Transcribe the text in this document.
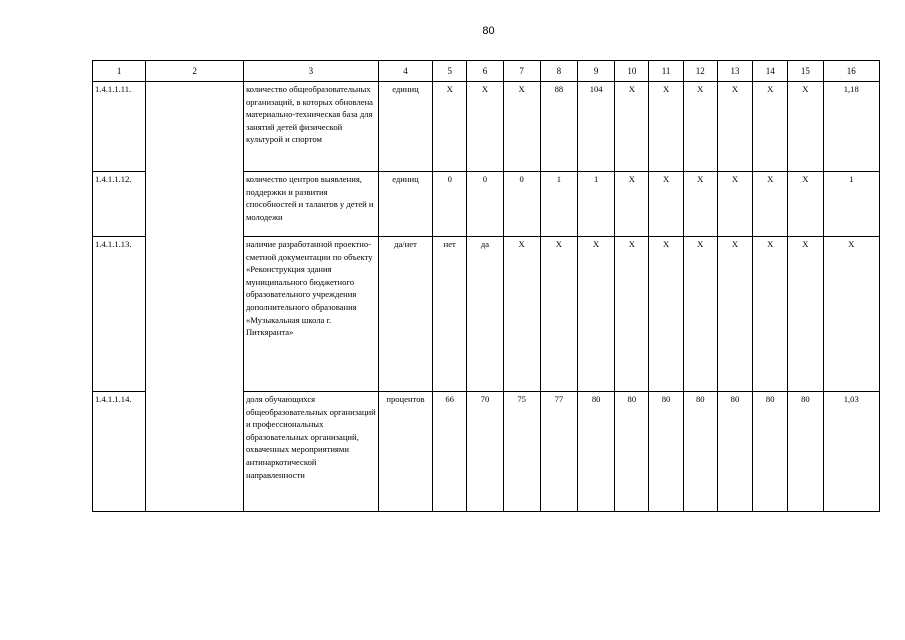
80
1	2	3	4	5	6	7	8	9	10	11	12	13	14	15	16
1.4.1.1.11.		количество общеобразовательных организаций, в которых обновлена материально-техническая база для занятий детей физической культурой и спортом	единиц	Х	Х	Х	88	104	Х	Х	Х	Х	Х	Х	1,18
1.4.1.1.12.		количество центров выявления, поддержки и развития способностей и талантов у детей и молодежи	единиц	0	0	0	1	1	Х	Х	Х	Х	Х	Х	1
1.4.1.1.13.		наличие разработанной проектно-сметной документации по объекту «Реконструкция здания муниципального бюджетного образовательного учреждения дополнительного образования «Музыкальная школа г. Питкяранта»	да/нет	нет	да	Х	Х	Х	Х	Х	Х	Х	Х	Х	Х
1.4.1.1.14.		доля обучающихся общеобразовательных организаций и профессиональных образовательных организаций, охваченных мероприятиями антинаркотической направленности	процентов	66	70	75	77	80	80	80	80	80	80	80	1,03
